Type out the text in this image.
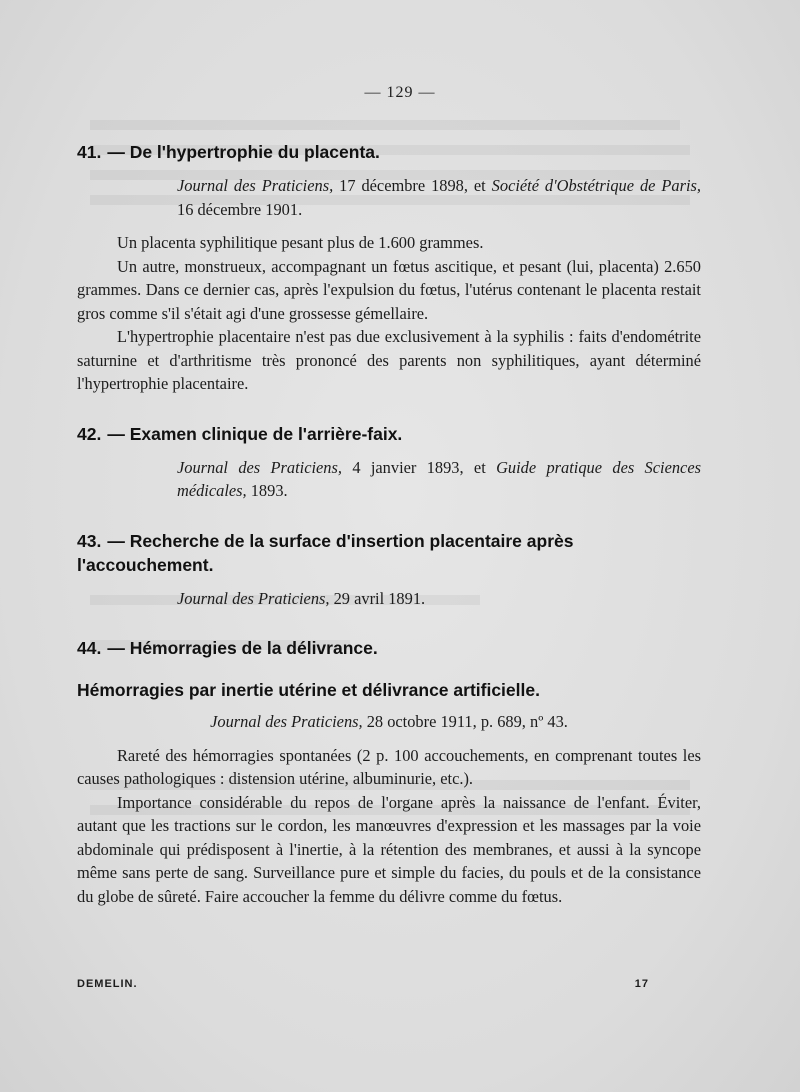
— 129 —
41. — De l'hypertrophie du placenta.
Journal des Praticiens, 17 décembre 1898, et Société d'Obstétrique de Paris, 16 décembre 1901.

Un placenta syphilitique pesant plus de 1.600 grammes.

Un autre, monstrueux, accompagnant un fœtus ascitique, et pesant (lui, placenta) 2.650 grammes. Dans ce dernier cas, après l'expulsion du fœtus, l'utérus contenant le placenta restait gros comme s'il s'était agi d'une grossesse gémellaire.

L'hypertrophie placentaire n'est pas due exclusivement à la syphilis : faits d'endométrite saturnine et d'arthritisme très prononcé des parents non syphilitiques, ayant déterminé l'hypertrophie placentaire.

42. — Examen clinique de l'arrière-faix.
Journal des Praticiens, 4 janvier 1893, et Guide pratique des Sciences médicales, 1893.
43. — Recherche de la surface d'insertion placentaire après l'accouchement.
Journal des Praticiens, 29 avril 1891.
44. — Hémorragies de la délivrance.
Hémorragies par inertie utérine et délivrance artificielle.
Journal des Praticiens, 28 octobre 1911, p. 689, nº 43.

Rareté des hémorragies spontanées (2 p. 100 accouchements, en comprenant toutes les causes pathologiques : distension utérine, albuminurie, etc.).

Importance considérable du repos de l'organe après la naissance de l'enfant. Éviter, autant que les tractions sur le cordon, les manœuvres d'expression et les massages par la voie abdominale qui prédisposent à l'inertie, à la rétention des membranes, et aussi à la syncope même sans perte de sang. Surveillance pure et simple du facies, du pouls et de la consistance du globe de sûreté. Faire accoucher la femme du délivre comme du fœtus.

DEMELIN.	17
